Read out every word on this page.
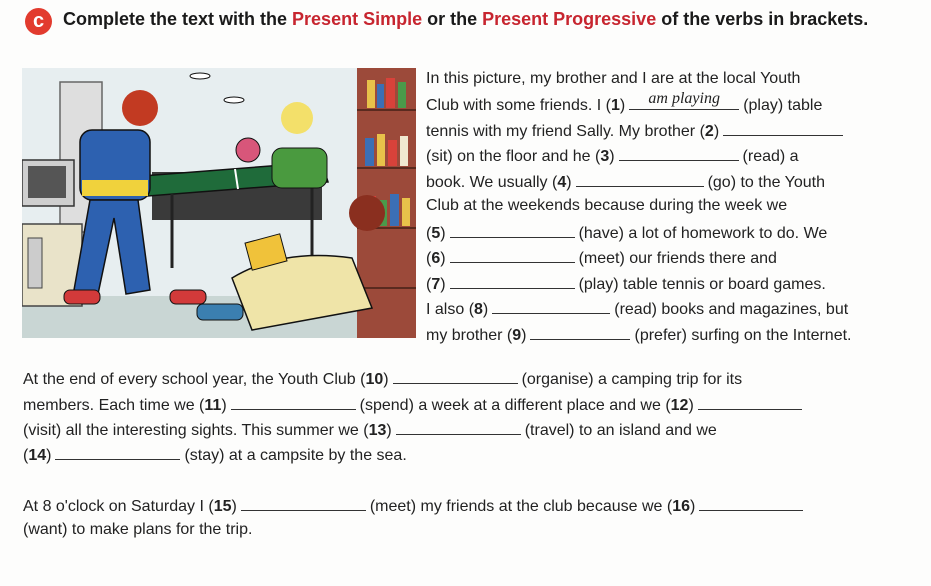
c	Complete the text with the Present Simple or the Present Progressive of the verbs in brackets.
In this picture, my brother and I are at the local Youth
Club with some friends. I (1)	am playing	(play) table
tennis with my friend Sally. My brother (2)
(sit) on the floor and he (3)	(read) a
book. We usually (4)	(go) to the Youth
Club at the weekends because during the week we
(5)	(have) a lot of homework to do. We
(6)	(meet) our friends there and
(7)	(play) table tennis or board games.
I also (8)	(read) books and magazines, but
my brother (9)	(prefer) surfing on the Internet.
At the end of every school year, the Youth Club (10)	(organise) a camping trip for its
members. Each time we (11)	(spend) a week at a different place and we (12)
(visit) all the interesting sights. This summer we (13)	(travel) to an island and we
(14)	(stay) at a campsite by the sea.
At 8 o'clock on Saturday I (15)	(meet) my friends at the club because we (16)
(want) to make plans for the trip.
